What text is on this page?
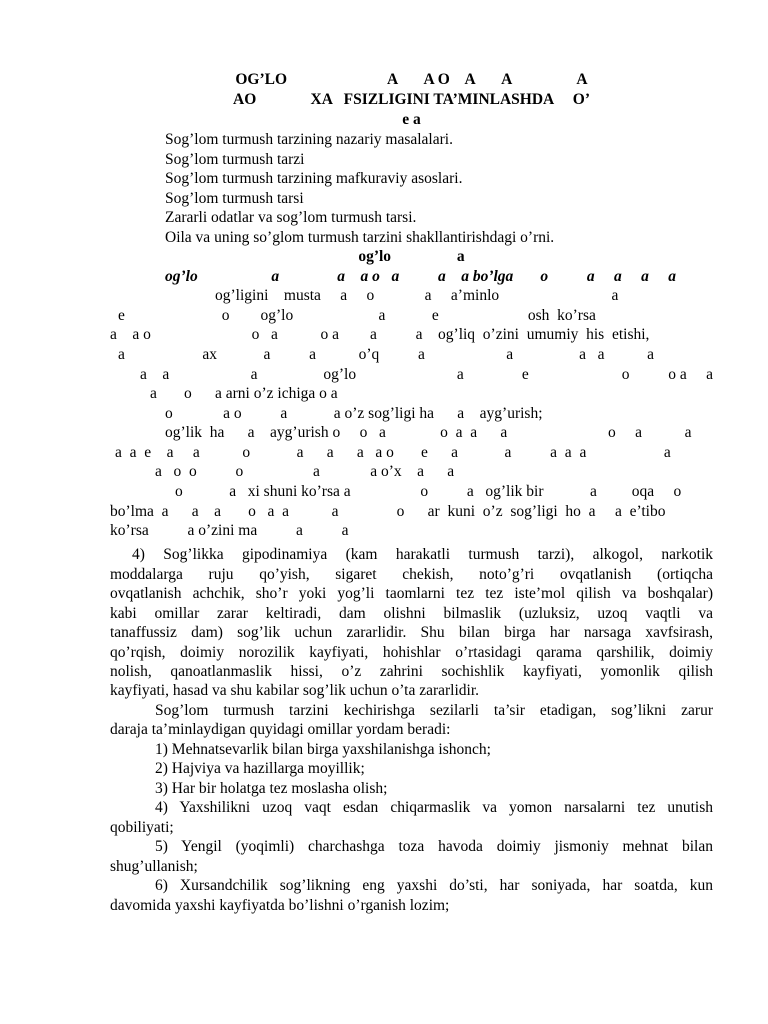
OG’LO                          A       A O    A       A                 A
AO              XA   FSIZLIGINI TA’MINLASHDA     O’
e a
Sog’lom turmush tarzining nazariy masalalari.
Sog’lom turmush tarzi
Sog’lom turmush tarzining mafkuraviy asoslari.
Sog’lom turmush tarsi
Zararli odatlar va sog’lom turmush tarsi.
Oila va uning so’glom turmush tarzini shakllantirishdagi o’rni.
og’lo                 a
og’lo                   a               a    a o   a          a    a bo’lga       o          a     a     a     a
og’ligini    musta     a     o             a     a’minlo                             a
e                         o        og’lo                      a            e                       osh  ko’rsa
a    a o                          o   a           o a        a          a    og’liq  o’zini  umumiy  his  etishi,
a                    ax            a          a           o’q          a                     a                 a   a           a
a    a                     a                 og’lo                          a               e                        o          o a     a
a       o      a arni o’z ichiga o a
o             a o          a            a o’z sog’ligi ha      a    ayg’urish;
og’lik  ha      a    ayg’urish o     o   a              o  a  a      a                          o     a           a
a  a  e    a     a           o            a      a      a   a o       e      a            a          a  a  a                    a
a   o  o          o                  a             a o’x    a      a
o            a   xi shuni ko’rsa a                  o          a   og’lik bir            a         oqa     o
bo’lma  a      a    a       o   a  a           a               o      ar  kuni  o’z  sog’ligi  ho  a     a  e’tibo
ko’rsa          a o’zini ma          a          a
4) Sog’likka gipodinamiya (kam harakatli turmush tarzi), alkogol, narkotik
moddalarga ruju qo’yish, sigaret chekish, noto’g’ri ovqatlanish (ortiqcha
ovqatlanish achchik, sho’r yoki yog’li taomlarni tez tez iste’mol qilish va boshqalar)
kabi omillar zarar keltiradi, dam olishni bilmaslik (uzluksiz, uzoq vaqtli va
tanaffussiz dam) sog’lik uchun zararlidir. Shu bilan birga har narsaga xavfsirash,
qo’rqish, doimiy norozilik kayfiyati, hohishlar o’rtasidagi qarama qarshilik, doimiy
nolish, qanoatlanmaslik hissi, o’z zahrini sochishlik kayfiyati, yomonlik qilish
kayfiyati, hasad va shu kabilar sog’lik uchun o’ta zararlidir.
Sog’lom turmush tarzini kechirishga sezilarli ta’sir etadigan, sog’likni zarur
daraja ta’minlaydigan quyidagi omillar yordam beradi:
1) Mehnatsevarlik bilan birga yaxshilanishga ishonch;
2) Hajviya va hazillarga moyillik;
3) Har bir holatga tez moslasha olish;
4) Yaxshilikni uzoq vaqt esdan chiqarmaslik va yomon narsalarni tez unutish
qobiliyati;
5) Yengil (yoqimli) charchashga toza havoda doimiy jismoniy mehnat bilan
shug’ullanish;
6) Xursandchilik sog’likning eng yaxshi do’sti, har soniyada, har soatda, kun
davomida yaxshi kayfiyatda bo’lishni o’rganish lozim;
